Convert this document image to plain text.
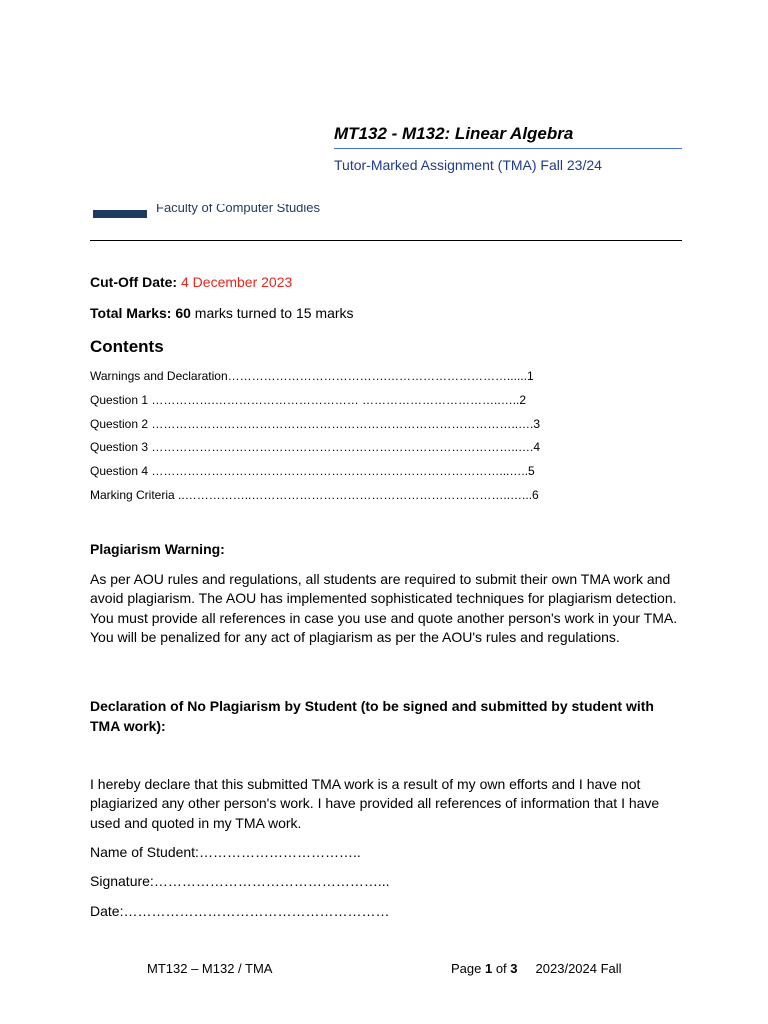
MT132 - M132: Linear Algebra
Tutor-Marked Assignment (TMA) Fall 23/24
Faculty of Computer Studies
Cut-Off Date: 4 December 2023
Total Marks: 60 marks turned to 15 marks
Contents
Warnings and Declaration………………………………….…………………………......1
Question 1 …………….……………………………… ……………………………..…..2
Question 2 ………………………………………………………………………………..….3
Question 3 ………………………………………………………………………………..….4
Question 4 ……………………………………………………………………………...…..5
Marking Criteria ..……………..………………………………………………………..…...6
Plagiarism Warning:

As per AOU rules and regulations, all students are required to submit their own TMA work and avoid plagiarism. The AOU has implemented sophisticated techniques for plagiarism detection. You must provide all references in case you use and quote another person's work in your TMA. You will be penalized for any act of plagiarism as per the AOU's rules and regulations.

Declaration of No Plagiarism by Student (to be signed and submitted by student with TMA work):

I hereby declare that this submitted TMA work is a result of my own efforts and I have not plagiarized any other person's work. I have provided all references of information that I have used and quoted in my TMA work.

Name of Student:……………………………..
Signature:…………………………………………...
Date:…………………………………………………
MT132 – M132 / TMA	Page 1 of 3 2023/2024 Fall
